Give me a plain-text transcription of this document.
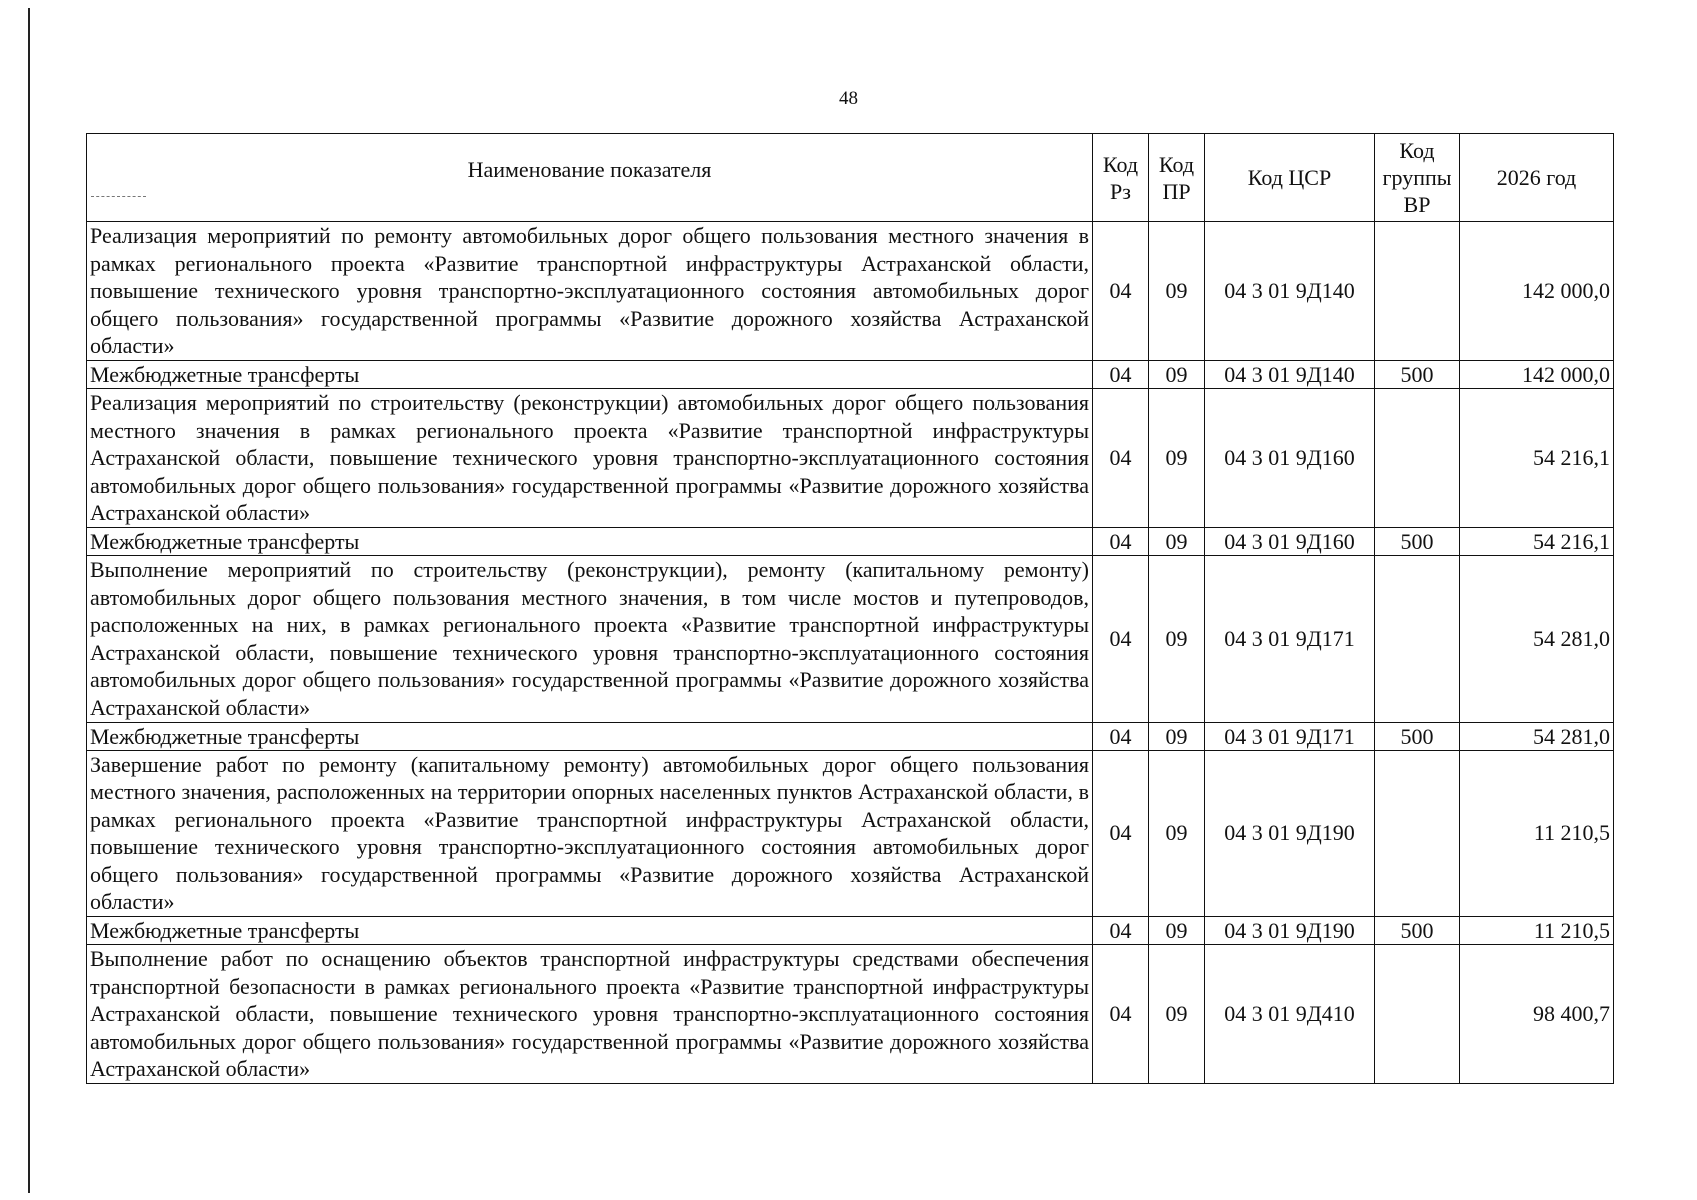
48
Наименование показателя	Код Рз	Код ПР	Код ЦСР	Код группы ВР	2026 год
Реализация мероприятий по ремонту автомобильных дорог общего пользования местного значения в рамках регионального проекта «Развитие транспортной инфраструктуры Астраханской области, повышение технического уровня транспортно-эксплуатационного состояния автомобильных дорог общего пользования» государственной программы «Развитие дорожного хозяйства Астраханской области»	04	09	04 3 01 9Д140		142 000,0
Межбюджетные трансферты	04	09	04 3 01 9Д140	500	142 000,0
Реализация мероприятий по строительству (реконструкции) автомобильных дорог общего пользования местного значения в рамках регионального проекта «Развитие транспортной инфраструктуры Астраханской области, повышение технического уровня транспортно-эксплуатационного состояния автомобильных дорог общего пользования» государственной программы «Развитие дорожного хозяйства Астраханской области»	04	09	04 3 01 9Д160		54 216,1
Межбюджетные трансферты	04	09	04 3 01 9Д160	500	54 216,1
Выполнение мероприятий по строительству (реконструкции), ремонту (капитальному ремонту) автомобильных дорог общего пользования местного значения, в том числе мостов и путепроводов, расположенных на них, в рамках регионального проекта «Развитие транспортной инфраструктуры Астраханской области, повышение технического уровня транспортно-эксплуатационного состояния автомобильных дорог общего пользования» государственной программы «Развитие дорожного хозяйства Астраханской области»	04	09	04 3 01 9Д171		54 281,0
Межбюджетные трансферты	04	09	04 3 01 9Д171	500	54 281,0
Завершение работ по ремонту (капитальному ремонту) автомобильных дорог общего пользования местного значения, расположенных на территории опорных населенных пунктов Астраханской области, в рамках регионального проекта «Развитие транспортной инфраструктуры Астраханской области, повышение технического уровня транспортно-эксплуатационного состояния автомобильных дорог общего пользования» государственной программы «Развитие дорожного хозяйства Астраханской области»	04	09	04 3 01 9Д190		11 210,5
Межбюджетные трансферты	04	09	04 3 01 9Д190	500	11 210,5
Выполнение работ по оснащению объектов транспортной инфраструктуры средствами обеспечения транспортной безопасности в рамках регионального проекта «Развитие транспортной инфраструктуры Астраханской области, повышение технического уровня транспортно-эксплуатационного состояния автомобильных дорог общего пользования» государственной программы «Развитие дорожного хозяйства Астраханской области»	04	09	04 3 01 9Д410		98 400,7
